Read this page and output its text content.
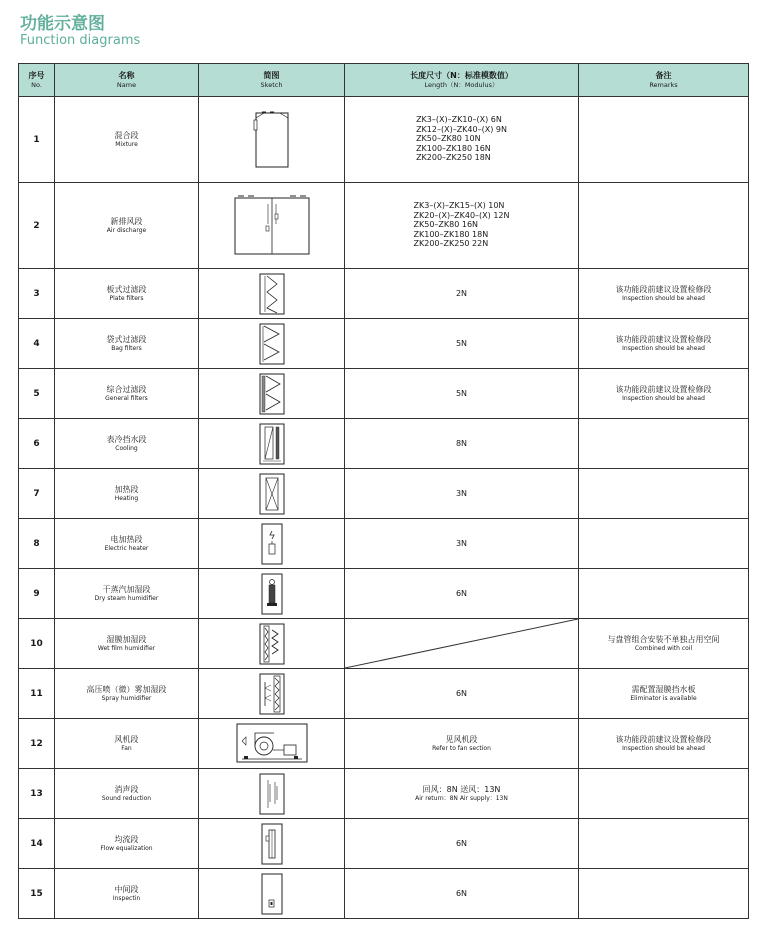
功能示意图
Function diagrams
序号
No.	名称
Name	简图
Sketch	长度尺寸（N：标准模数值）
Length（N：Modulus）	备注
Remarks

1	混合段
Mixture		ZK3–(X)–ZK10–(X) 6N
ZK12–(X)–ZK40–(X) 9N
ZK50–ZK80 10N
ZK100–ZK180 16N
ZK200–ZK250 18N	

2	新排风段
Air discharge		ZK3–(X)–ZK15–(X) 10N
ZK20–(X)–ZK40–(X) 12N
ZK50–ZK80 16N
ZK100–ZK180 18N
ZK200–ZK250 22N	

3	板式过滤段
Plate filters		2N	该功能段前建议设置检修段
Inspection should be ahead

4	袋式过滤段
Bag filters		5N	该功能段前建议设置检修段
Inspection should be ahead

5	综合过滤段
General filters		5N	该功能段前建议设置检修段
Inspection should be ahead

6	表冷挡水段
Cooling		8N	
7	加热段
Heating		3N	
8	电加热段
Electric heater		3N	
9	干蒸汽加湿段
Dry steam humidifier		6N	
10	湿膜加湿段
Wet film humidifier			与盘管组合安装不单独占用空间
Combined with coil

11	高压喷（微）雾加湿段
Spray humidifier		6N	需配置湿膜挡水板
Eliminator is available

12	风机段
Fan		见风机段
Refer to fan section	该功能段前建议设置检修段
Inspection should be ahead

13	消声段
Sound reduction		回风：8N 送风：13N
Air return：8N Air supply：13N	

14	均流段
Flow equalization		6N	
15	中间段
Inspectin		6N	
